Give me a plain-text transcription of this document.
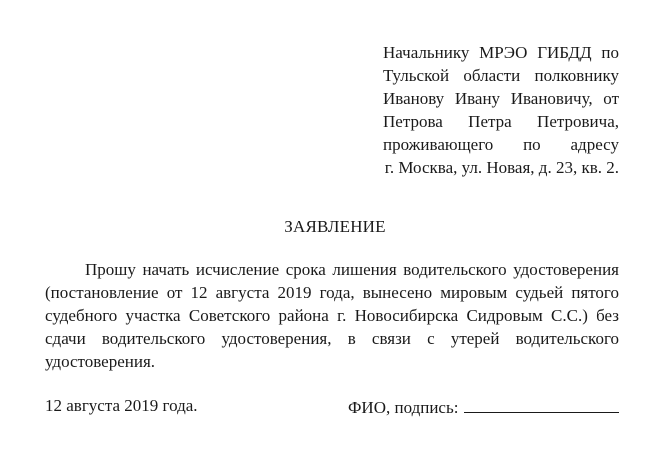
Начальнику МРЭО ГИБДД по
Тульской области полковнику
Иванову Ивану Ивановичу, от
Петрова Петра Петровича,
проживающего по адресу
г. Москва, ул. Новая, д. 23, кв. 2.
ЗАЯВЛЕНИЕ
Прошу начать исчисление срока лишения водительского удостоверения
(постановление от 12 августа 2019 года, вынесено мировым судьей пятого
судебного участка Советского района г. Новосибирска Сидровым С.С.) без
сдачи водительского удостоверения, в связи с утерей водительского
удостоверения.
12 августа 2019 года.	ФИО, подпись:
